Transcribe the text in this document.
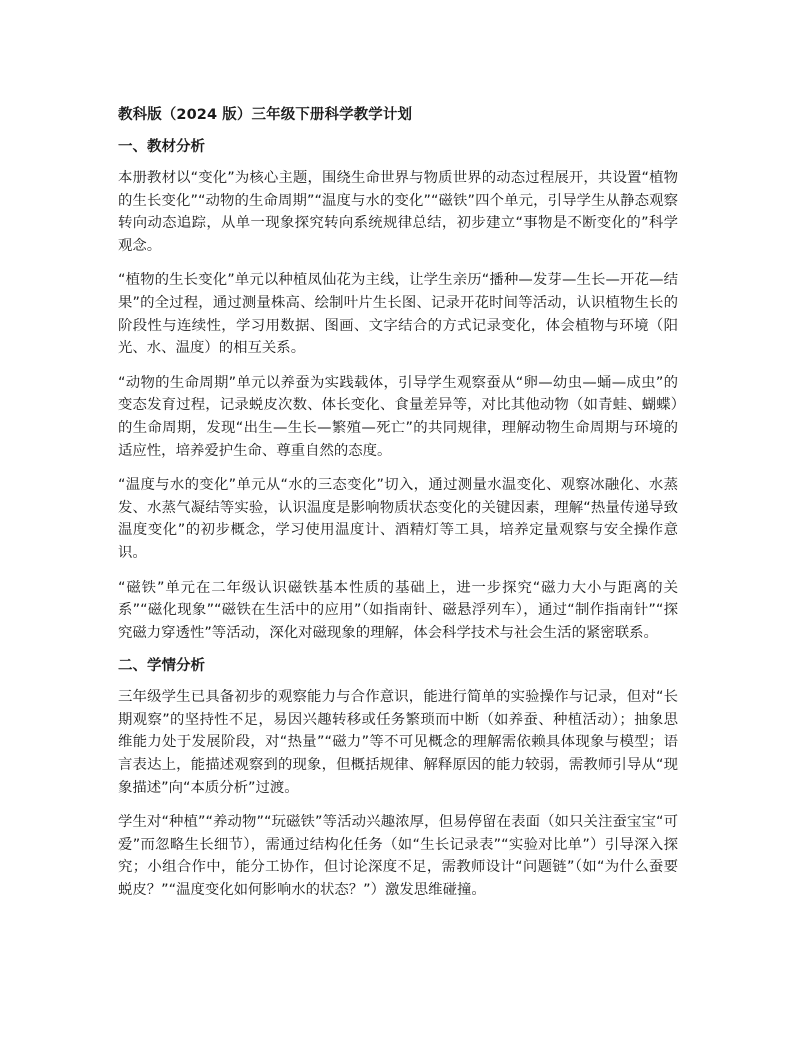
教科版（2024 版）三年级下册科学教学计划
一、教材分析

本册教材以“变化”为核心主题，围绕生命世界与物质世界的动态过程展开，共设置“植物的生长变化”“动物的生命周期”“温度与水的变化”“磁铁”四个单元，引导学生从静态观察转向动态追踪，从单一现象探究转向系统规律总结，初步建立“事物是不断变化的”科学观念。

“植物的生长变化”单元以种植凤仙花为主线，让学生亲历“播种—发芽—生长—开花—结果”的全过程，通过测量株高、绘制叶片生长图、记录开花时间等活动，认识植物生长的阶段性与连续性，学习用数据、图画、文字结合的方式记录变化，体会植物与环境（阳光、水、温度）的相互关系。

“动物的生命周期”单元以养蚕为实践载体，引导学生观察蚕从“卵—幼虫—蛹—成虫”的变态发育过程，记录蜕皮次数、体长变化、食量差异等，对比其他动物（如青蛙、蝴蝶）的生命周期，发现“出生—生长—繁殖—死亡”的共同规律，理解动物生命周期与环境的适应性，培养爱护生命、尊重自然的态度。

“温度与水的变化”单元从“水的三态变化”切入，通过测量水温变化、观察冰融化、水蒸发、水蒸气凝结等实验，认识温度是影响物质状态变化的关键因素，理解“热量传递导致温度变化”的初步概念，学习使用温度计、酒精灯等工具，培养定量观察与安全操作意识。

“磁铁”单元在二年级认识磁铁基本性质的基础上，进一步探究“磁力大小与距离的关系”“磁化现象”“磁铁在生活中的应用”（如指南针、磁悬浮列车），通过“制作指南针”“探究磁力穿透性”等活动，深化对磁现象的理解，体会科学技术与社会生活的紧密联系。

二、学情分析

三年级学生已具备初步的观察能力与合作意识，能进行简单的实验操作与记录，但对“长期观察”的坚持性不足，易因兴趣转移或任务繁琐而中断（如养蚕、种植活动）；抽象思维能力处于发展阶段，对“热量”“磁力”等不可见概念的理解需依赖具体现象与模型；语言表达上，能描述观察到的现象，但概括规律、解释原因的能力较弱，需教师引导从“现象描述”向“本质分析”过渡。

学生对“种植”“养动物”“玩磁铁”等活动兴趣浓厚，但易停留在表面（如只关注蚕宝宝“可爱”而忽略生长细节），需通过结构化任务（如“生长记录表”“实验对比单”）引导深入探究；小组合作中，能分工协作，但讨论深度不足，需教师设计“问题链”（如“为什么蚕要蜕皮？”“温度变化如何影响水的状态？”）激发思维碰撞。
